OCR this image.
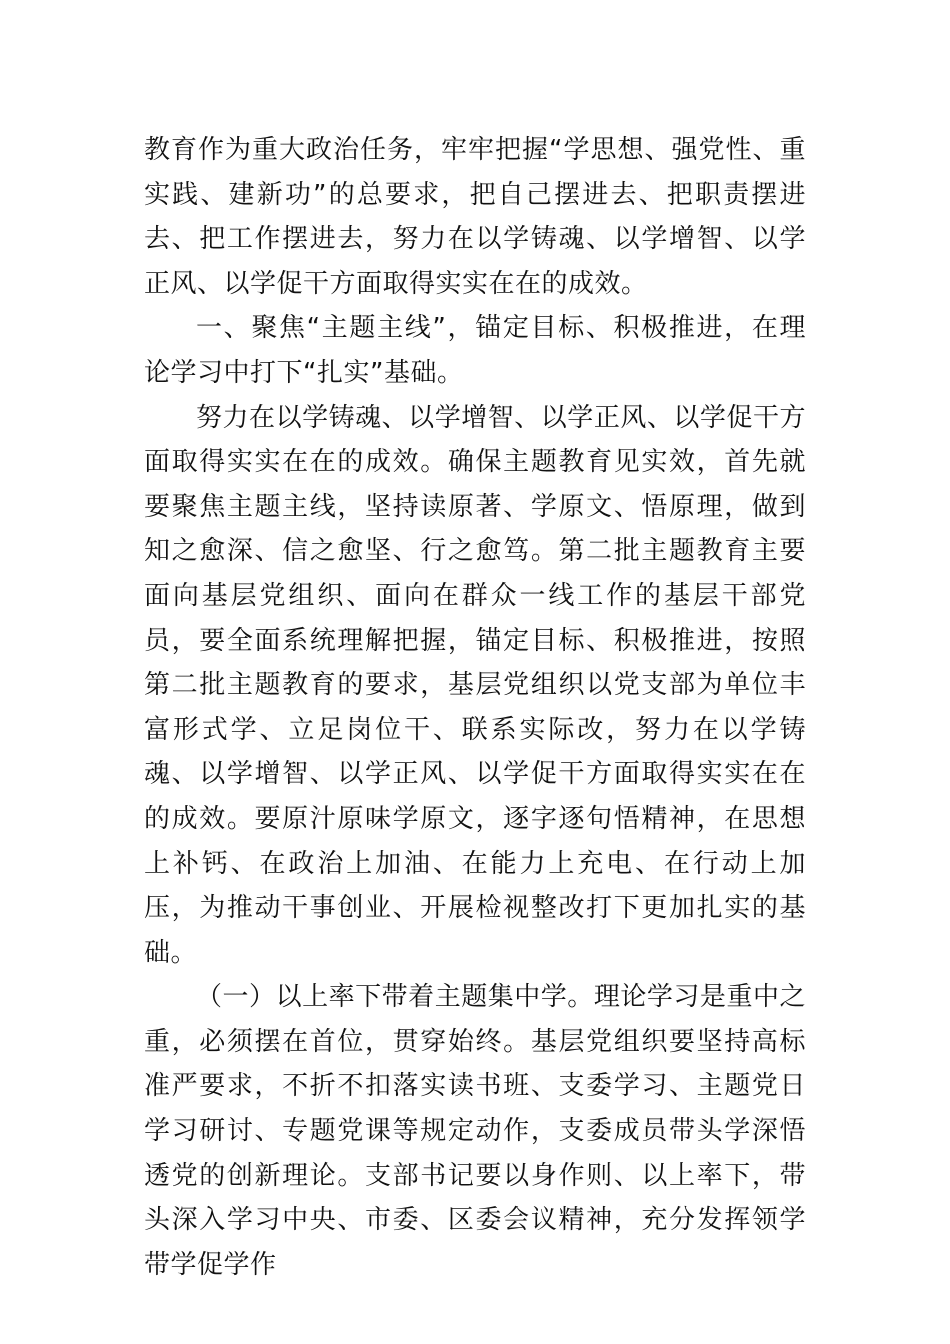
教育作为重大政治任务，牢牢把握“学思想、强党性、重实践、建新功”的总要求，把自己摆进去、把职责摆进去、把工作摆进去，努力在以学铸魂、以学增智、以学正风、以学促干方面取得实实在在的成效。

一、聚焦“主题主线”，锚定目标、积极推进，在理论学习中打下“扎实”基础。

努力在以学铸魂、以学增智、以学正风、以学促干方面取得实实在在的成效。确保主题教育见实效，首先就要聚焦主题主线，坚持读原著、学原文、悟原理，做到知之愈深、信之愈坚、行之愈笃。第二批主题教育主要面向基层党组织、面向在群众一线工作的基层干部党员，要全面系统理解把握，锚定目标、积极推进，按照第二批主题教育的要求，基层党组织以党支部为单位丰富形式学、立足岗位干、联系实际改，努力在以学铸魂、以学增智、以学正风、以学促干方面取得实实在在的成效。要原汁原味学原文，逐字逐句悟精神，在思想上补钙、在政治上加油、在能力上充电、在行动上加压，为推动干事创业、开展检视整改打下更加扎实的基础。

（一）以上率下带着主题集中学。理论学习是重中之重，必须摆在首位，贯穿始终。基层党组织要坚持高标准严要求，不折不扣落实读书班、支委学习、主题党日学习研讨、专题党课等规定动作，支委成员带头学深悟透党的创新理论。支部书记要以身作则、以上率下，带头深入学习中央、市委、区委会议精神，充分发挥领学带学促学作
